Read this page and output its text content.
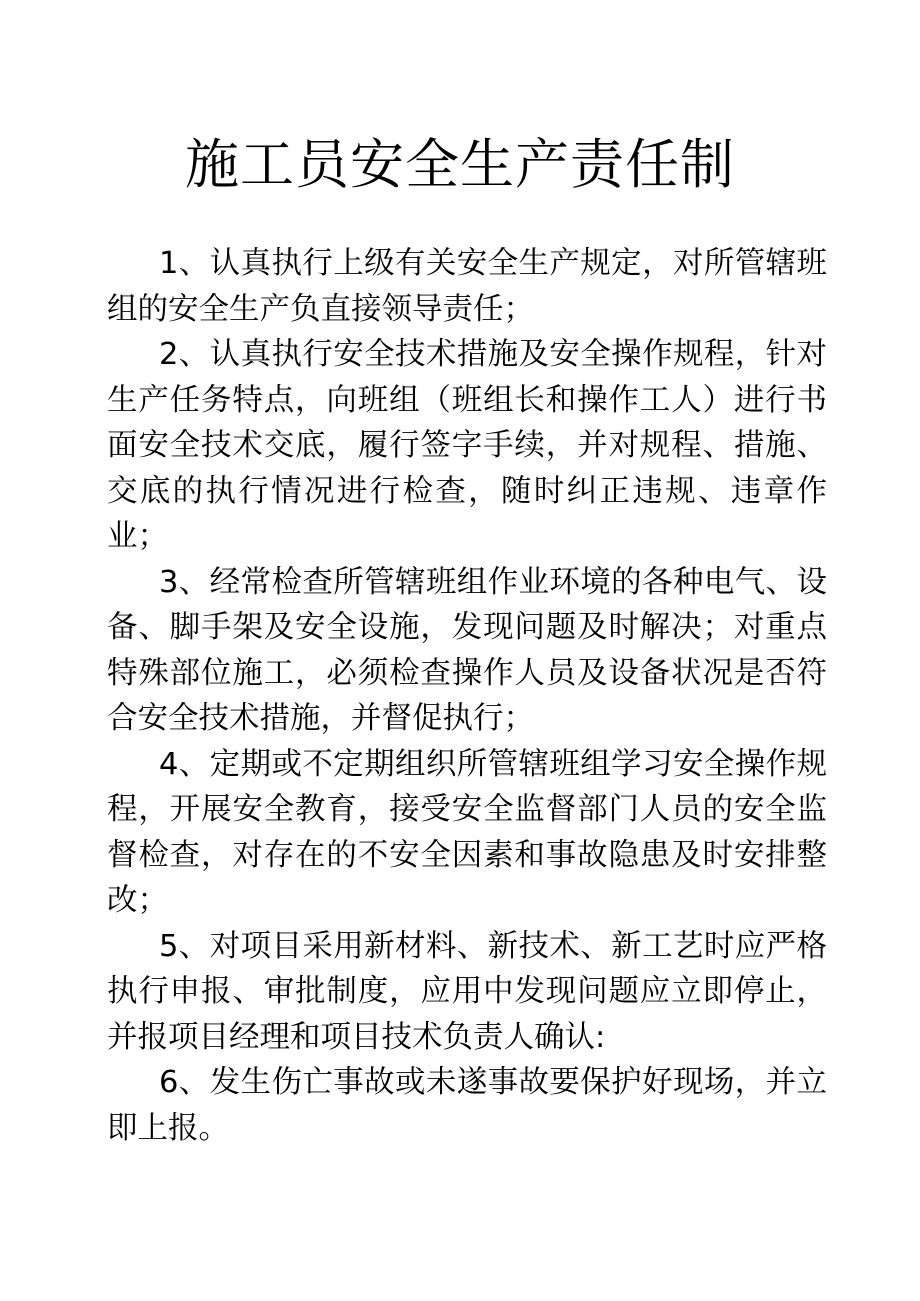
施工员安全生产责任制

1、认真执行上级有关安全生产规定，对所管辖班组的安全生产负直接领导责任；

2、认真执行安全技术措施及安全操作规程，针对生产任务特点，向班组（班组长和操作工人）进行书面安全技术交底，履行签字手续，并对规程、措施、交底的执行情况进行检查，随时纠正违规、违章作业；

3、经常检查所管辖班组作业环境的各种电气、设备、脚手架及安全设施，发现问题及时解决；对重点特殊部位施工，必须检查操作人员及设备状况是否符合安全技术措施，并督促执行；

4、定期或不定期组织所管辖班组学习安全操作规程，开展安全教育，接受安全监督部门人员的安全监督检查，对存在的不安全因素和事故隐患及时安排整改；

5、对项目采用新材料、新技术、新工艺时应严格执行申报、审批制度，应用中发现问题应立即停止，并报项目经理和项目技术负责人确认:

6、发生伤亡事故或未遂事故要保护好现场，并立即上报。
